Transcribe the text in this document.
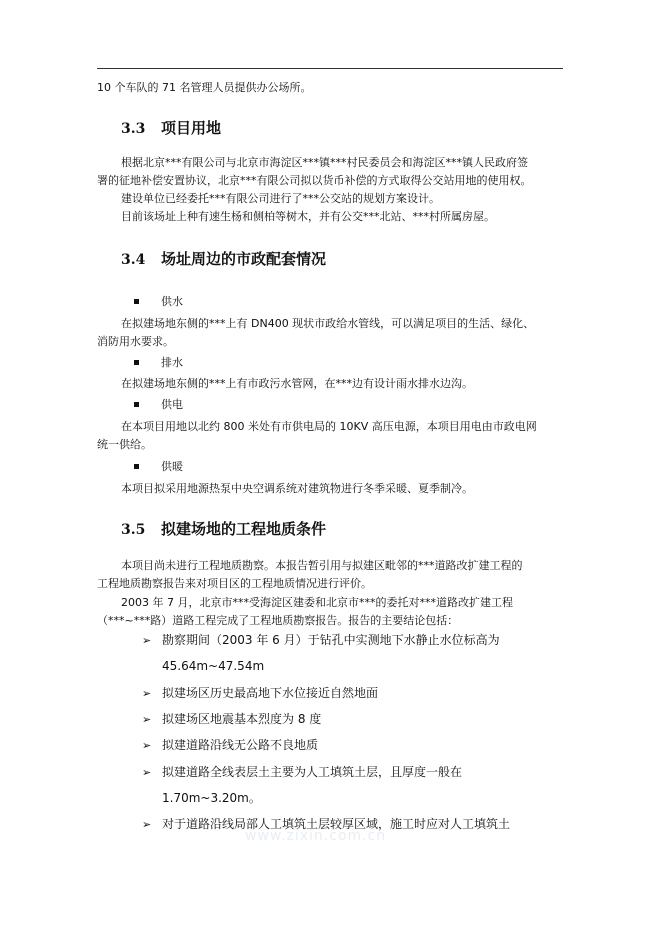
10 个车队的 71 名管理人员提供办公场所。
3.3 项目用地
根据北京***有限公司与北京市海淀区***镇***村民委员会和海淀区***镇人民政府签
署的征地补偿安置协议，北京***有限公司拟以货币补偿的方式取得公交站用地的使用权。
建设单位已经委托***有限公司进行了***公交站的规划方案设计。
目前该场址上种有速生杨和侧柏等树木，并有公交***北站、***村所属房屋。
3.4 场址周边的市政配套情况
供水
在拟建场地东侧的***上有 DN400 现状市政给水管线，可以满足项目的生活、绿化、
消防用水要求。
排水
在拟建场地东侧的***上有市政污水管网，在***边有设计雨水排水边沟。
供电
在本项目用地以北约 800 米处有市供电局的 10KV 高压电源，本项目用电由市政电网
统一供给。
供暖
本项目拟采用地源热泵中央空调系统对建筑物进行冬季采暖、夏季制冷。
3.5 拟建场地的工程地质条件
本项目尚未进行工程地质勘察。本报告暂引用与拟建区毗邻的***道路改扩建工程的
工程地质勘察报告来对项目区的工程地质情况进行评价。
2003 年 7 月，北京市***受海淀区建委和北京市***的委托对***道路改扩建工程
（***~***路）道路工程完成了工程地质勘察报告。报告的主要结论包括：
➢ 勘察期间（2003 年 6 月）于钻孔中实测地下水静止水位标高为
45.64m~47.54m
➢ 拟建场区历史最高地下水位接近自然地面
➢ 拟建场区地震基本烈度为 8 度
➢ 拟建道路沿线无公路不良地质
➢ 拟建道路全线表层土主要为人工填筑土层，且厚度一般在
1.70m~3.20m。
➢ 对于道路沿线局部人工填筑土层较厚区域，施工时应对人工填筑土
www.zixin.com.cn
